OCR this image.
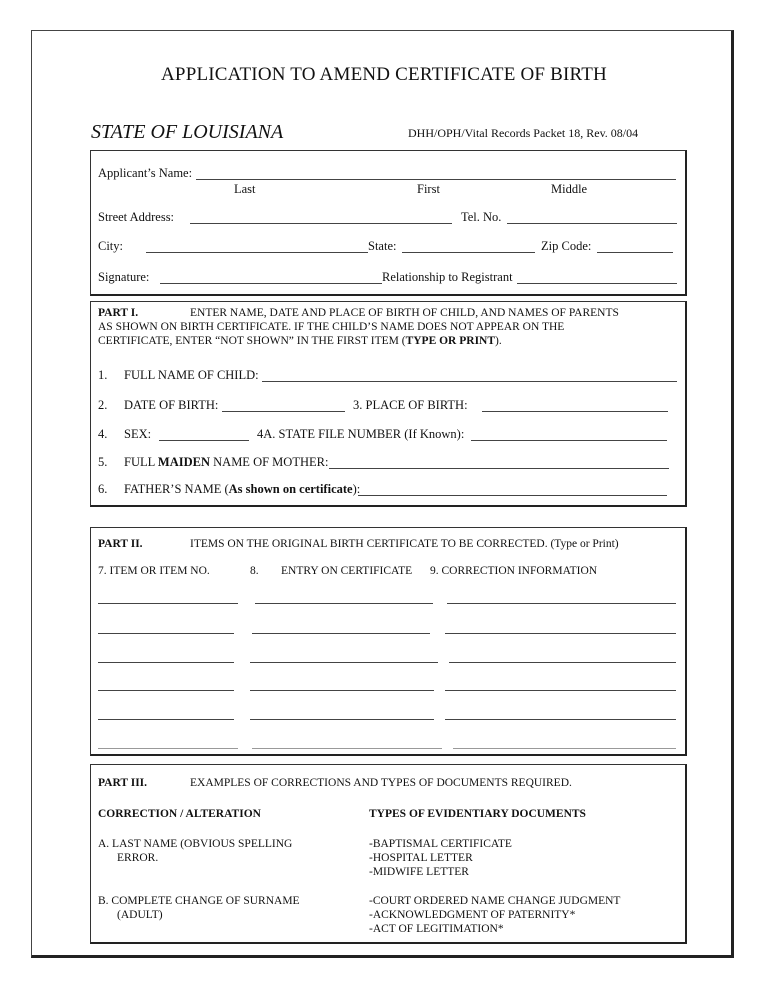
APPLICATION TO AMEND CERTIFICATE OF BIRTH
STATE OF LOUISIANA	DHH/OPH/Vital Records Packet 18, Rev. 08/04
Applicant’s Name:
Last	First	Middle
Street Address:	Tel. No.
City:	State:	Zip Code:
Signature:	Relationship to Registrant
PART I.	ENTER NAME, DATE AND PLACE OF BIRTH OF CHILD, AND NAMES OF PARENTS
AS SHOWN ON BIRTH CERTIFICATE. IF THE CHILD’S NAME DOES NOT APPEAR ON THE
CERTIFICATE, ENTER “NOT SHOWN” IN THE FIRST ITEM (TYPE OR PRINT).
1. FULL NAME OF CHILD:
2. DATE OF BIRTH:	3. PLACE OF BIRTH:
4. SEX:	4A. STATE FILE NUMBER (If Known):
5. FULL MAIDEN NAME OF MOTHER:
6. FATHER’S NAME (As shown on certificate):
PART II.	ITEMS ON THE ORIGINAL BIRTH CERTIFICATE TO BE CORRECTED. (Type or Print)
7. ITEM OR ITEM NO.	8. ENTRY ON CERTIFICATE 9. CORRECTION INFORMATION
PART III.	EXAMPLES OF CORRECTIONS AND TYPES OF DOCUMENTS REQUIRED.
CORRECTION / ALTERATION	TYPES OF EVIDENTIARY DOCUMENTS
A. LAST NAME (OBVIOUS SPELLING
ERROR.
-BAPTISMAL CERTIFICATE
-HOSPITAL LETTER
-MIDWIFE LETTER
B. COMPLETE CHANGE OF SURNAME
(ADULT)
-COURT ORDERED NAME CHANGE JUDGMENT
-ACKNOWLEDGMENT OF PATERNITY*
-ACT OF LEGITIMATION*
